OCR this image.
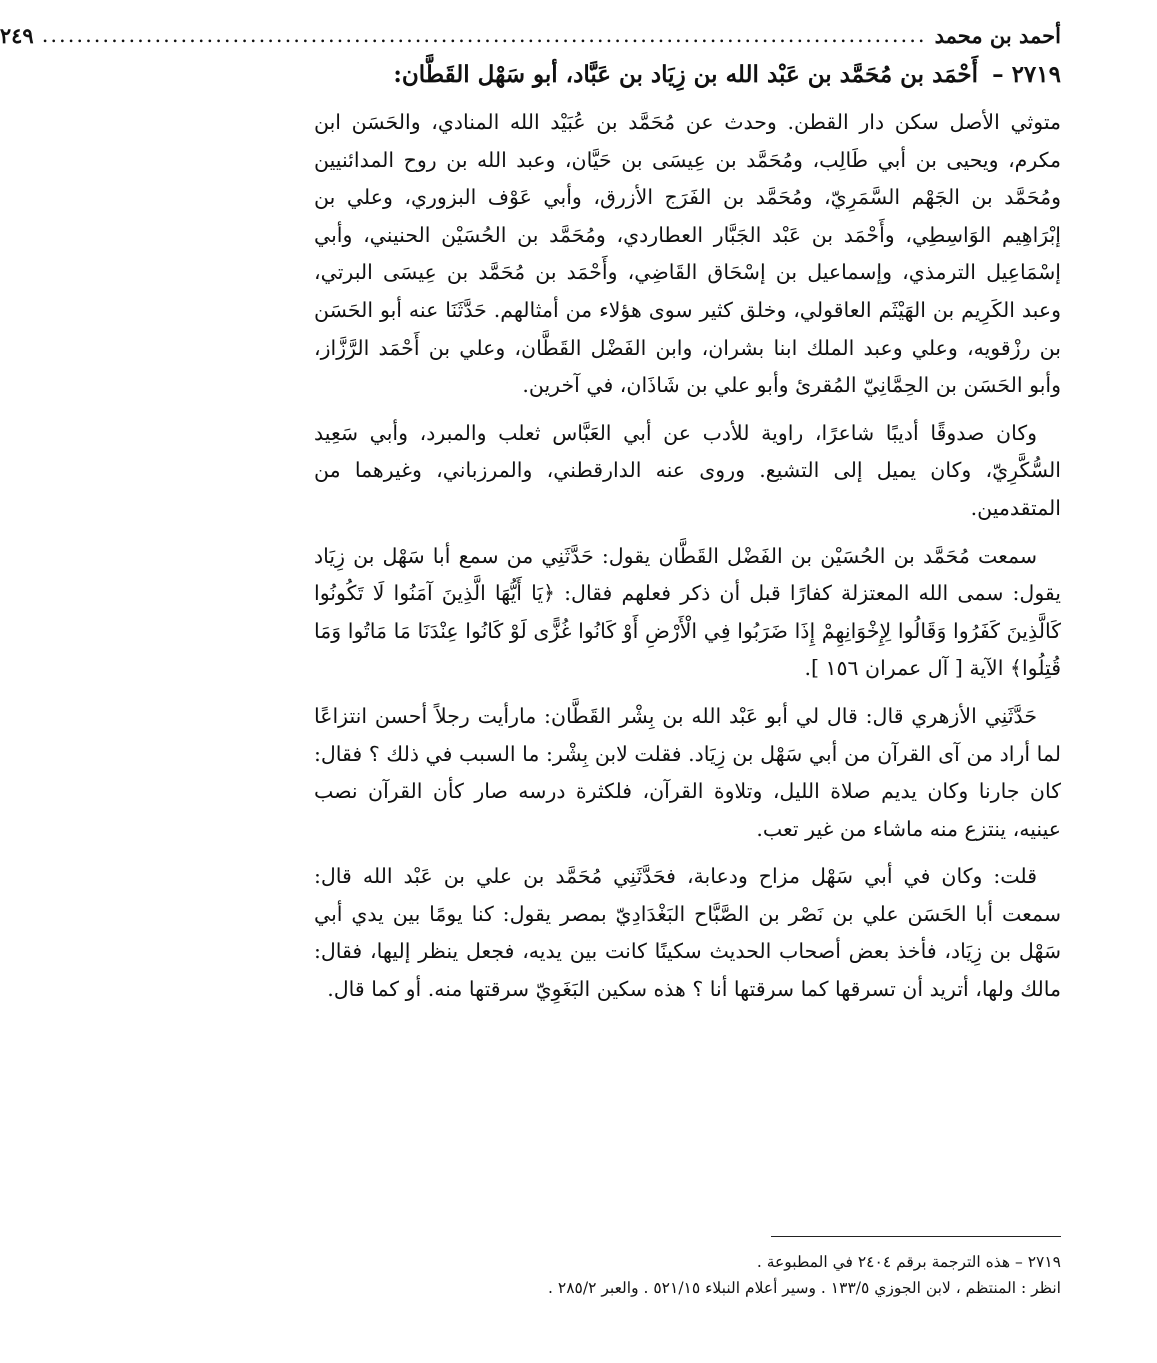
أحمد بن محمد
......................................................................................................
٢٤٩
٢٧١٩ – أَحْمَد بن مُحَمَّد بن عَبْد الله بن زِيَاد بن عَبَّاد، أبو سَهْل القَطَّان:

متوثي الأصل سكن دار القطن. وحدث عن مُحَمَّد بن عُبَيْد الله المنادي، والحَسَن ابن مكرم، ويحيى بن أبي طَالِب، ومُحَمَّد بن عِيسَى بن حَيَّان، وعبد الله بن روح المدائنيين ومُحَمَّد بن الجَهْم السَّمَرِيّ، ومُحَمَّد بن الفَرَج الأزرق، وأبي عَوْف البزوري، وعلي بن إبْرَاهِيم الوَاسِطِي، وأَحْمَد بن عَبْد الجَبَّار العطاردي، ومُحَمَّد بن الحُسَيْن الحنيني، وأبي إسْمَاعِيل الترمذي، وإسماعيل بن إسْحَاق القَاضِي، وأَحْمَد بن مُحَمَّد بن عِيسَى البرتي، وعبد الكَرِيم بن الهَيْثَم العاقولي، وخلق كثير سوى هؤلاء من أمثالهم. حَدَّثَنَا عنه أبو الحَسَن بن رزْقويه، وعلي وعبد الملك ابنا بشران، وابن الفَضْل القَطَّان، وعلي بن أَحْمَد الرَّزَّاز، وأبو الحَسَن بن الحِمَّانِيّ المُقرئ وأبو علي بن شَاذَان، في آخرين.

وكان صدوقًا أديبًا شاعرًا، راوية للأدب عن أبي العَبَّاس ثعلب والمبرد، وأبي سَعِيد السُّكَّرِيّ، وكان يميل إلى التشيع. وروى عنه الدارقطني، والمرزباني، وغيرهما من المتقدمين.

سمعت مُحَمَّد بن الحُسَيْن بن الفَضْل القَطَّان يقول: حَدَّثَنِي من سمع أبا سَهْل بن زِيَاد يقول: سمى الله المعتزلة كفارًا قبل أن ذكر فعلهم فقال: ﴿يَا أَيُّهَا الَّذِينَ آمَنُوا لَا تَكُونُوا كَالَّذِينَ كَفَرُوا وَقَالُوا لِإِخْوَانِهِمْ إِذَا ضَرَبُوا فِي الْأَرْضِ أَوْ كَانُوا غُزًّى لَوْ كَانُوا عِنْدَنَا مَا مَاتُوا وَمَا قُتِلُوا﴾ الآية [ آل عمران ١٥٦ ].

حَدَّثَنِي الأزهري قال: قال لي أبو عَبْد الله بن بِشْر القَطَّان: مارأيت رجلاً أحسن انتزاعًا لما أراد من آى القرآن من أبي سَهْل بن زِيَاد. فقلت لابن بِشْر: ما السبب في ذلك ؟ فقال: كان جارنا وكان يديم صلاة الليل، وتلاوة القرآن، فلكثرة درسه صار كأن القرآن نصب عينيه، ينتزع منه ماشاء من غير تعب.

قلت: وكان في أبي سَهْل مزاح ودعابة، فحَدَّثَنِي مُحَمَّد بن علي بن عَبْد الله قال: سمعت أبا الحَسَن علي بن نَصْر بن الصَّبَّاح البَغْدَادِيّ بمصر يقول: كنا يومًا بين يدي أبي سَهْل بن زِيَاد، فأخذ بعض أصحاب الحديث سكينًا كانت بين يديه، فجعل ينظر إليها، فقال: مالك ولها، أتريد أن تسرقها كما سرقتها أنا ؟ هذه سكين البَغَوِيّ سرقتها منه. أو كما قال.

٢٧١٩ – هذه الترجمة برقم ٢٤٠٤ في المطبوعة .

انظر : المنتظم ، لابن الجوزي ١٣٣/٥ . وسير أعلام النبلاء ٥٢١/١٥ . والعبر ٢٨٥/٢ .
